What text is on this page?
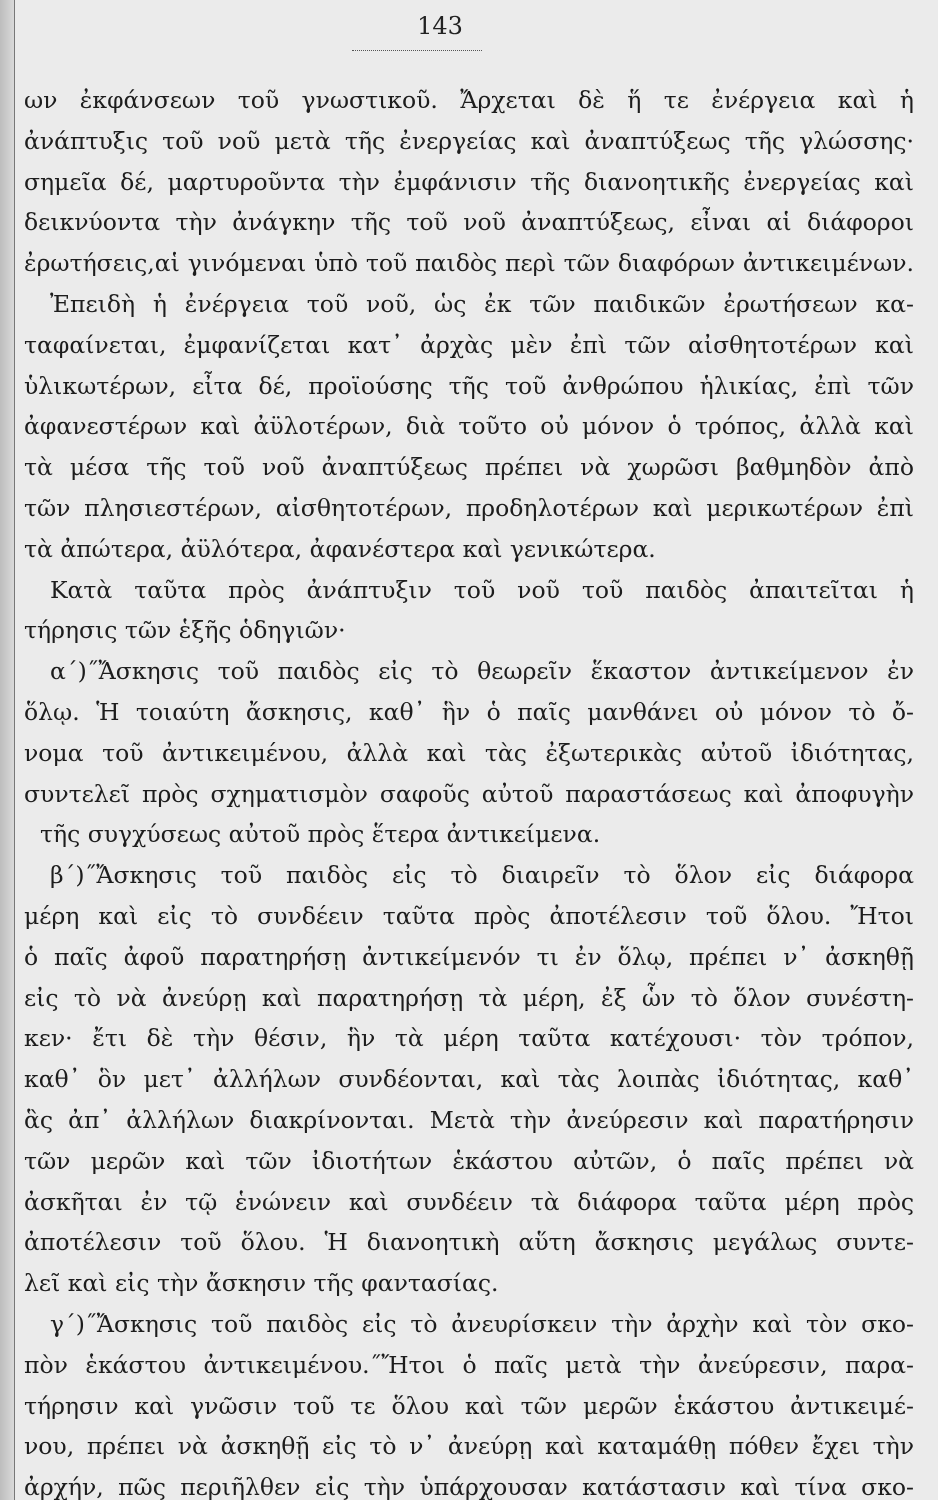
143
ων ἐκφάνσεων τοῦ γνωστικοῦ. Ἄρχεται δὲ ἥ τε ἐνέργεια καὶ ἡ
ἀνάπτυξις τοῦ νοῦ μετὰ τῆς ἐνεργείας καὶ ἀναπτύξεως τῆς γλώσσης·
σημεῖα δέ, μαρτυροῦντα τὴν ἐμφάνισιν τῆς διανοητικῆς ἐνεργείας καὶ
δεικνύοντα τὴν ἀνάγκην τῆς τοῦ νοῦ ἀναπτύξεως, εἶναι αἱ διάφοροι
ἐρωτήσεις,αἱ γινόμεναι ὑπὸ τοῦ παιδὸς περὶ τῶν διαφόρων ἀντικειμένων.
Ἐπειδὴ ἡ ἐνέργεια τοῦ νοῦ, ὡς ἐκ τῶν παιδικῶν ἐρωτήσεων κα-
ταφαίνεται, ἐμφανίζεται κατ᾽ ἀρχὰς μὲν ἐπὶ τῶν αἰσθητοτέρων καὶ
ὑλικωτέρων, εἶτα δέ, προϊούσης τῆς τοῦ ἀνθρώπου ἡλικίας, ἐπὶ τῶν
ἀφανεστέρων καὶ ἀϋλοτέρων, διὰ τοῦτο οὐ μόνον ὁ τρόπος, ἀλλὰ καὶ
τὰ μέσα τῆς τοῦ νοῦ ἀναπτύξεως πρέπει νὰ χωρῶσι βαθμηδὸν ἀπὸ
τῶν πλησιεστέρων, αἰσθητοτέρων, προδηλοτέρων καὶ μερικωτέρων ἐπὶ
τὰ ἀπώτερα, ἀϋλότερα, ἀφανέστερα καὶ γενικώτερα.
Κατὰ ταῦτα πρὸς ἀνάπτυξιν τοῦ νοῦ τοῦ παιδὸς ἀπαιτεῖται ἡ
τήρησις τῶν ἑξῆς ὁδηγιῶν·
α΄)˝Ἄσκησις τοῦ παιδὸς εἰς τὸ θεωρεῖν ἕκαστον ἀντικείμενον ἐν
ὅλῳ. Ἡ τοιαύτη ἄσκησις, καθ᾽ ἣν ὁ παῖς μανθάνει οὐ μόνον τὸ ὄ-
νομα τοῦ ἀντικειμένου, ἀλλὰ καὶ τὰς ἐξωτερικὰς αὐτοῦ ἰδιότητας,
συντελεῖ πρὸς σχηματισμὸν σαφοῦς αὐτοῦ παραστάσεως καὶ ἀποφυγὴν
τῆς συγχύσεως αὐτοῦ πρὸς ἕτερα ἀντικείμενα.
β΄)˝Ἄσκησις τοῦ παιδὸς εἰς τὸ διαιρεῖν τὸ ὅλον εἰς διάφορα
μέρη καὶ εἰς τὸ συνδέειν ταῦτα πρὸς ἀποτέλεσιν τοῦ ὅλου. Ἤτοι
ὁ παῖς ἀφοῦ παρατηρήσῃ ἀντικείμενόν τι ἐν ὅλῳ, πρέπει ν᾽ ἀσκηθῇ
εἰς τὸ νὰ ἀνεύρῃ καὶ παρατηρήσῃ τὰ μέρη, ἐξ ὧν τὸ ὅλον συνέστη-
κεν· ἔτι δὲ τὴν θέσιν, ἣν τὰ μέρη ταῦτα κατέχουσι· τὸν τρόπον,
καθ᾽ ὃν μετ᾽ ἀλλήλων συνδέονται, καὶ τὰς λοιπὰς ἰδιότητας, καθ᾽
ἃς ἀπ᾽ ἀλλήλων διακρίνονται. Μετὰ τὴν ἀνεύρεσιν καὶ παρατήρησιν
τῶν μερῶν καὶ τῶν ἰδιοτήτων ἑκάστου αὐτῶν, ὁ παῖς πρέπει νὰ
ἀσκῆται ἐν τῷ ἑνώνειν καὶ συνδέειν τὰ διάφορα ταῦτα μέρη πρὸς
ἀποτέλεσιν τοῦ ὅλου. Ἡ διανοητικὴ αὕτη ἄσκησις μεγάλως συντε-
λεῖ καὶ εἰς τὴν ἄσκησιν τῆς φαντασίας.
γ΄)˝Ἄσκησις τοῦ παιδὸς εἰς τὸ ἀνευρίσκειν τὴν ἀρχὴν καὶ τὸν σκο-
πὸν ἑκάστου ἀντικειμένου.˝Ἤτοι ὁ παῖς μετὰ τὴν ἀνεύρεσιν, παρα-
τήρησιν καὶ γνῶσιν τοῦ τε ὅλου καὶ τῶν μερῶν ἑκάστου ἀντικειμέ-
νου, πρέπει νὰ ἀσκηθῇ εἰς τὸ ν᾽ ἀνεύρῃ καὶ καταμάθῃ πόθεν ἔχει τὴν
ἀρχήν, πῶς περιῆλθεν εἰς τὴν ὑπάρχουσαν κατάστασιν καὶ τίνα σκο-
